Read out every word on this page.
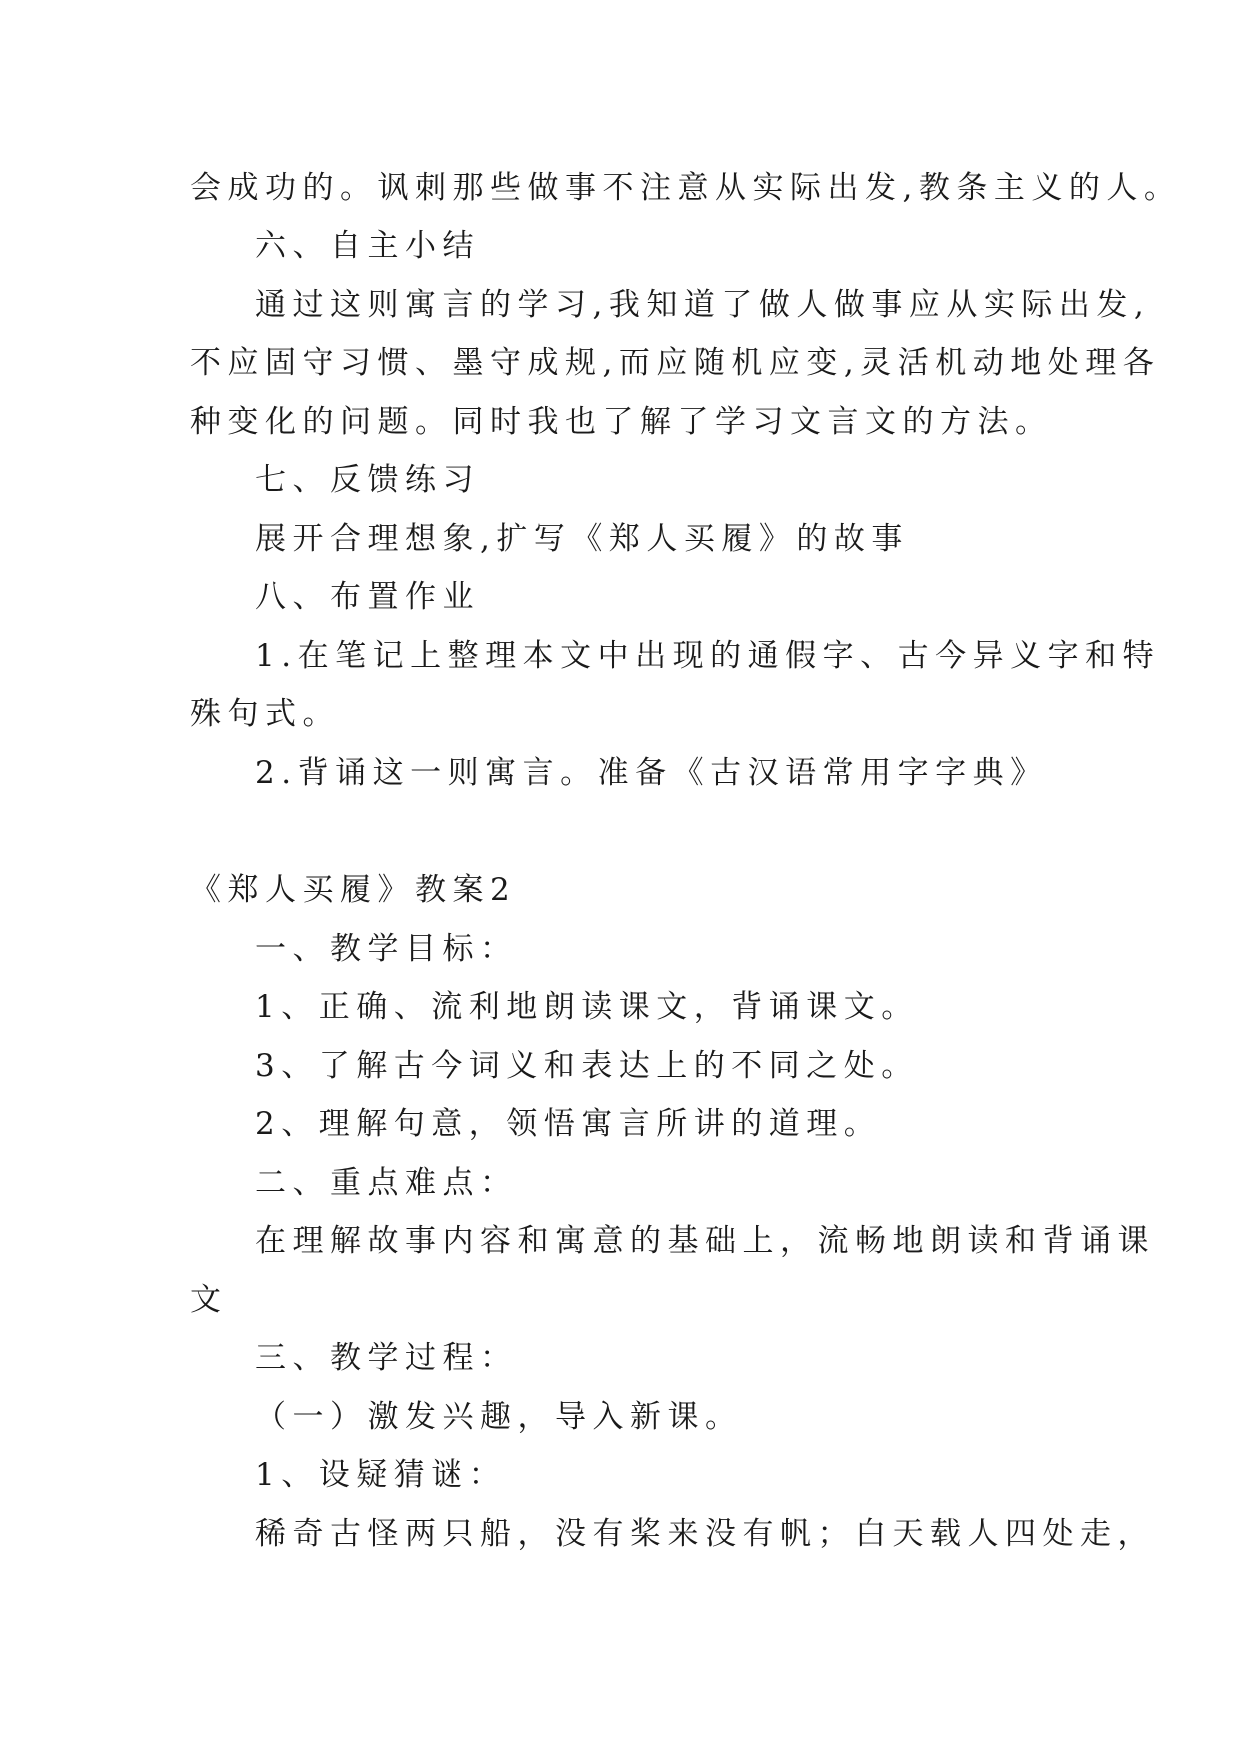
会成功的。讽刺那些做事不注意从实际出发,教条主义的人。
六、自主小结
通过这则寓言的学习,我知道了做人做事应从实际出发,
不应固守习惯、墨守成规,而应随机应变,灵活机动地处理各
种变化的问题。同时我也了解了学习文言文的方法。
七、反馈练习
展开合理想象,扩写《郑人买履》的故事
八、布置作业
1.在笔记上整理本文中出现的通假字、古今异义字和特
殊句式。
2.背诵这一则寓言。准备《古汉语常用字字典》
《郑人买履》教案2
一、教学目标：
1、正确、流利地朗读课文，背诵课文。
3、了解古今词义和表达上的不同之处。
2、理解句意，领悟寓言所讲的道理。
二、重点难点：
在理解故事内容和寓意的基础上，流畅地朗读和背诵课
文
三、教学过程：
（一）激发兴趣，导入新课。
1、设疑猜谜：
稀奇古怪两只船，没有桨来没有帆；白天载人四处走，
